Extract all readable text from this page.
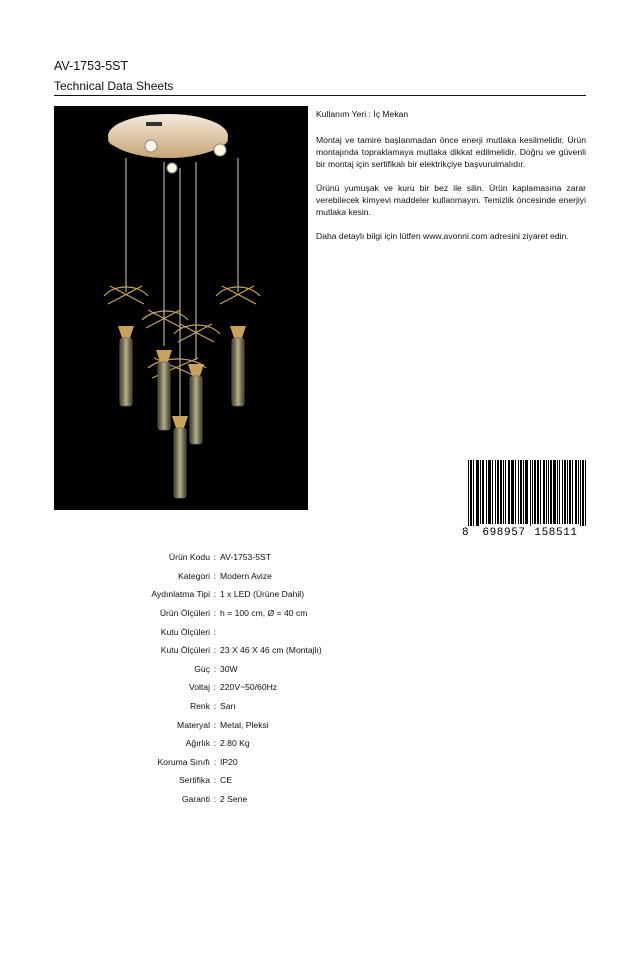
AV-1753-5ST
Technical Data Sheets

Kullanım Yeri : İç Mekan

Montaj ve tamire başlanmadan önce enerji mutlaka kesilmelidir. Ürün montajında topraklamaya mutlaka dikkat edilmelidir. Doğru ve güvenli bir montaj için sertifikalı bir elektrikçiye başvurulmalıdır.

Ürünü yumuşak ve kuru bir bez ile silin. Ürün kaplamasına zarar verebilecek kimyevi maddeler kullanmayın. Temizlik öncesinde enerjiyi mutlaka kesin.

Daha detaylı bilgi için lütfen www.avonni.com adresini ziyaret edin.

8 698957 158511
Ürün Kodu : AV-1753-5ST
Kategori : Modern Avize
Aydınlatma Tipi : 1 x LED (Ürüne Dahil)
Ürün Ölçüleri : h = 100 cm, Ø = 40 cm
Kutu Ölçüleri :
Kutu Ölçüleri : 23 X 46 X 46 cm (Montajlı)
Güç : 30W
Voltaj : 220V~50/60Hz
Renk : Sarı
Materyal : Metal, Pleksi
Ağırlık : 2.80 Kg
Koruma Sınıfı : IP20
Sertifika : CE
Garanti : 2 Sene
